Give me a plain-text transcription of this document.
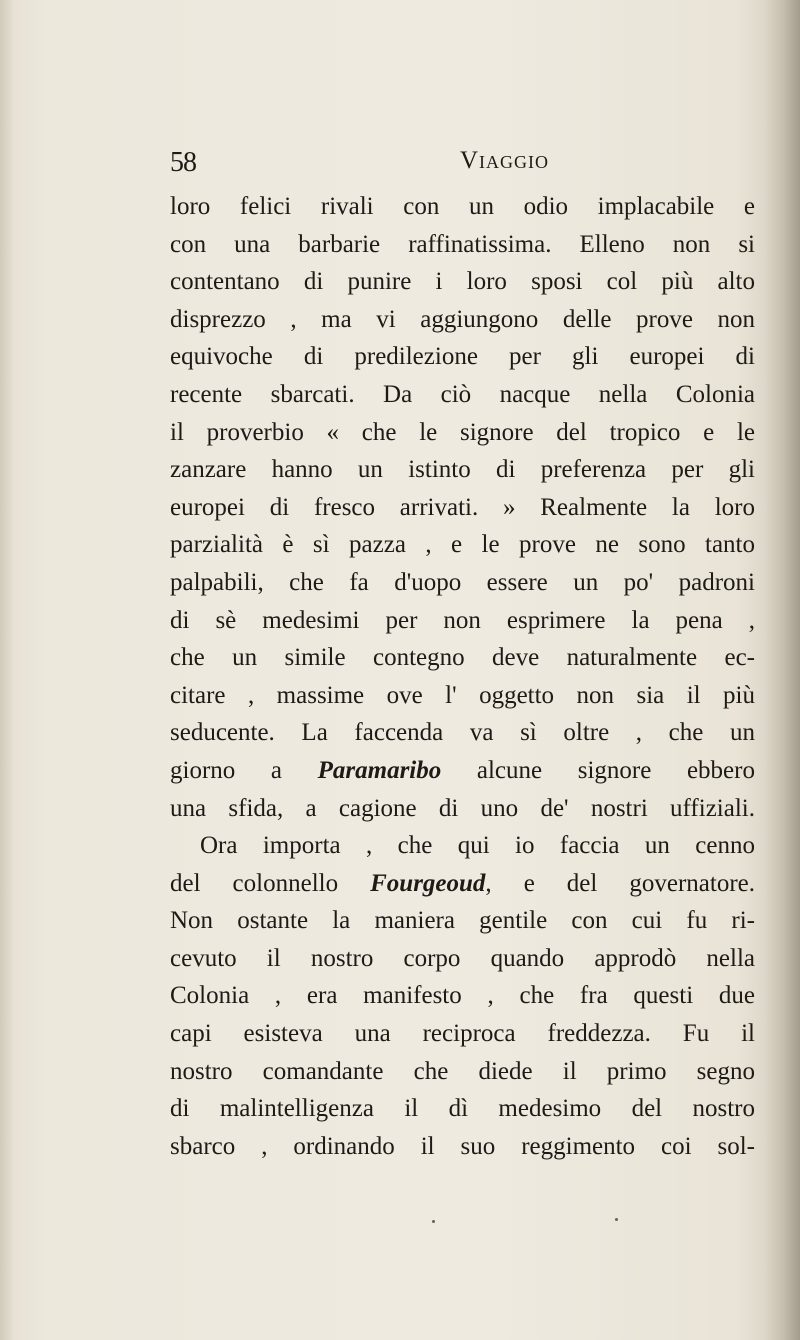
58	Viaggio
loro felici rivali con un odio implacabile e
con una barbarie raffinatissima. Elleno non si
contentano di punire i loro sposi col più alto
disprezzo , ma vi aggiungono delle prove non
equivoche di predilezione per gli europei di
recente sbarcati. Da ciò nacque nella Colonia
il proverbio « che le signore del tropico e le
zanzare hanno un istinto di preferenza per gli
europei di fresco arrivati. » Realmente la loro
parzialità è sì pazza , e le prove ne sono tanto
palpabili, che fa d'uopo essere un po' padroni
di sè medesimi per non esprimere la pena ,
che un simile contegno deve naturalmente ec-
citare , massime ove l' oggetto non sia il più
seducente. La faccenda va sì oltre , che un
giorno a Paramaribo alcune signore ebbero
una sfida, a cagione di uno de' nostri uffiziali.
Ora importa , che qui io faccia un cenno
del colonnello Fourgeoud, e del governatore.
Non ostante la maniera gentile con cui fu ri-
cevuto il nostro corpo quando approdò nella
Colonia , era manifesto , che fra questi due
capi esisteva una reciproca freddezza. Fu il
nostro comandante che diede il primo segno
di malintelligenza il dì medesimo del nostro
sbarco , ordinando il suo reggimento coi sol-
